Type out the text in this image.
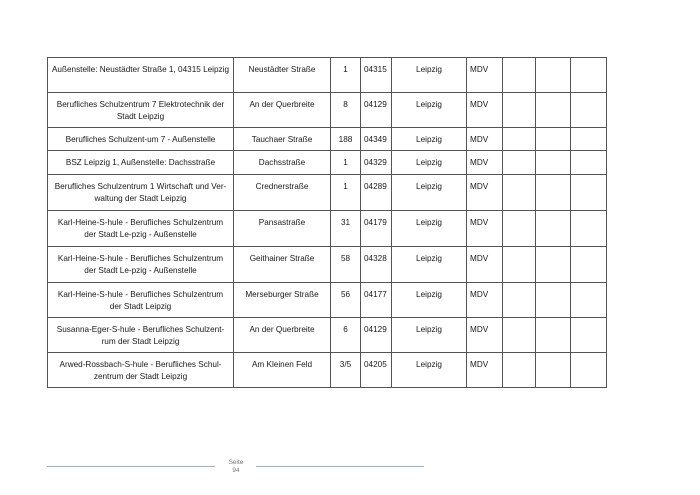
Außenstelle: Neustädter Straße 1, 04315 Leipzig	Neustädter Straße	1	04315	Leipzig	MDV			
Berufliches Schulzentrum 7 Elektrotechnik der Stadt Leipzig	An der Querbreite	8	04129	Leipzig	MDV			
Berufliches Schulzent-um 7 - Außenstelle	Tauchaer Straße	188	04349	Leipzig	MDV			
BSZ Leipzig 1, Außenstelle: Dachsstraße	Dachsstraße	1	04329	Leipzig	MDV			
Berufliches Schulzentrum 1 Wirtschaft und Ver-waltung der Stadt Leipzig	Crednerstraße	1	04289	Leipzig	MDV			
Karl-Heine-S-hule - Berufliches Schulzentrum der Stadt Le-pzig - Außenstelle	Pansastraße	31	04179	Leipzig	MDV			
Karl-Heine-S-hule - Berufliches Schulzentrum der Stadt Le-pzig - Außenstelle	Geithainer Straße	58	04328	Leipzig	MDV			
Karl-Heine-S-hule - Berufliches Schulzentrum der Stadt Leipzig	Merseburger Straße	56	04177	Leipzig	MDV			
Susanna-Eger-S-hule - Berufliches Schulzent-rum der Stadt Leipzig	An der Querbreite	6	04129	Leipzig	MDV			
Arwed-Rossbach-S-hule - Berufliches Schul-zentrum der Stadt Leipzig	Am Kleinen Feld	3/5	04205	Leipzig	MDV			
Seite
94
